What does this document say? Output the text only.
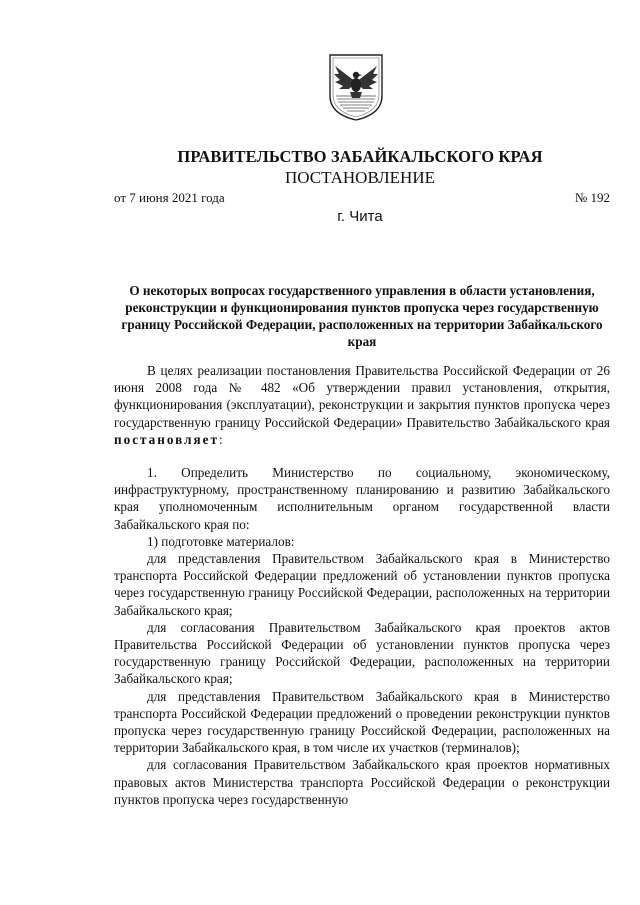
ПРАВИТЕЛЬСТВО ЗАБАЙКАЛЬСКОГО КРАЯ
ПОСТАНОВЛЕНИЕ
от 7 июня 2021 года	№ 192
г. Чита
О некоторых вопросах государственного управления в области установления, реконструкции и функционирования пунктов пропуска через государственную границу Российской Федерации, расположенных на территории Забайкальского края

В целях реализации постановления Правительства Российской Федерации от 26 июня 2008 года № 482 «Об утверждении правил установления, открытия, функционирования (эксплуатации), реконструкции и закрытия пунктов пропуска через государственную границу Российской Федерации» Правительство Забайкальского края постановляет:

1. Определить Министерство по социальному, экономическому, инфраструктурному, пространственному планированию и развитию Забайкальского края уполномоченным исполнительным органом государственной власти Забайкальского края по:

1) подготовке материалов:

для представления Правительством Забайкальского края в Министерство транспорта Российской Федерации предложений об установлении пунктов пропуска через государственную границу Российской Федерации, расположенных на территории Забайкальского края;

для согласования Правительством Забайкальского края проектов актов Правительства Российской Федерации об установлении пунктов пропуска через государственную границу Российской Федерации, расположенных на территории Забайкальского края;

для представления Правительством Забайкальского края в Министерство транспорта Российской Федерации предложений о проведении реконструкции пунктов пропуска через государственную границу Российской Федерации, расположенных на территории Забайкальского края, в том числе их участков (терминалов);

для согласования Правительством Забайкальского края проектов нормативных правовых актов Министерства транспорта Российской Федерации о реконструкции пунктов пропуска через государственную
